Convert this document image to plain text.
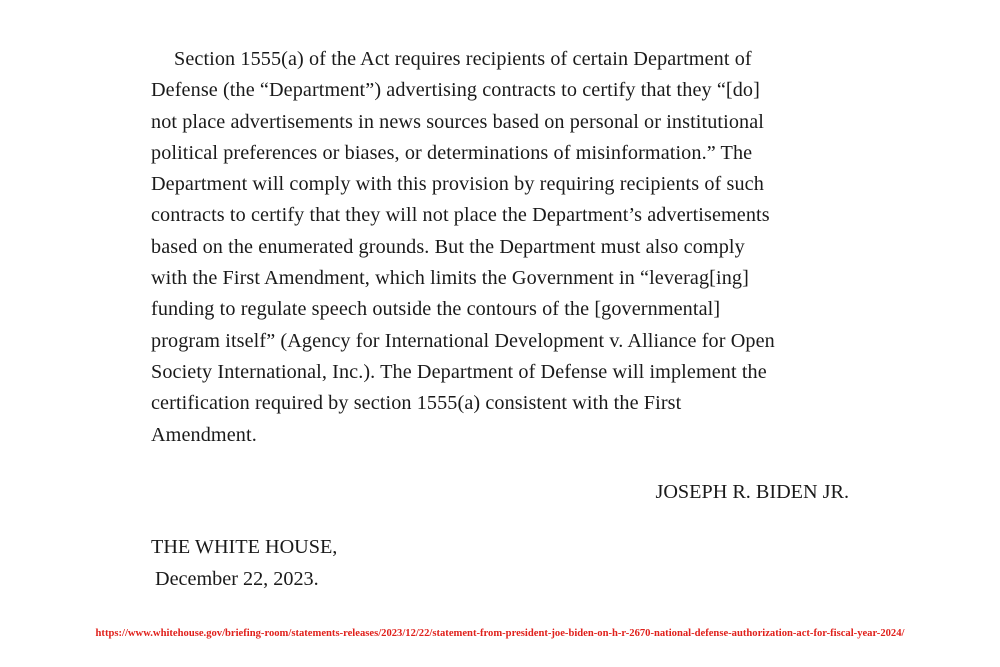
Section 1555(a) of the Act requires recipients of certain Department of
Defense (the “Department”) advertising contracts to certify that they “[do]
not place advertisements in news sources based on personal or institutional
political preferences or biases, or determinations of misinformation.” The
Department will comply with this provision by requiring recipients of such
contracts to certify that they will not place the Department’s advertisements
based on the enumerated grounds. But the Department must also comply
with the First Amendment, which limits the Government in “leverag[ing]
funding to regulate speech outside the contours of the [governmental]
program itself” (Agency for International Development v. Alliance for Open
Society International, Inc.). The Department of Defense will implement the
certification required by section 1555(a) consistent with the First
Amendment.

JOSEPH R. BIDEN JR.
THE WHITE HOUSE,
December 22, 2023.
https://www.whitehouse.gov/briefing-room/statements-releases/2023/12/22/statement-from-president-joe-biden-on-h-r-2670-national-defense-authorization-act-for-fiscal-year-2024/
